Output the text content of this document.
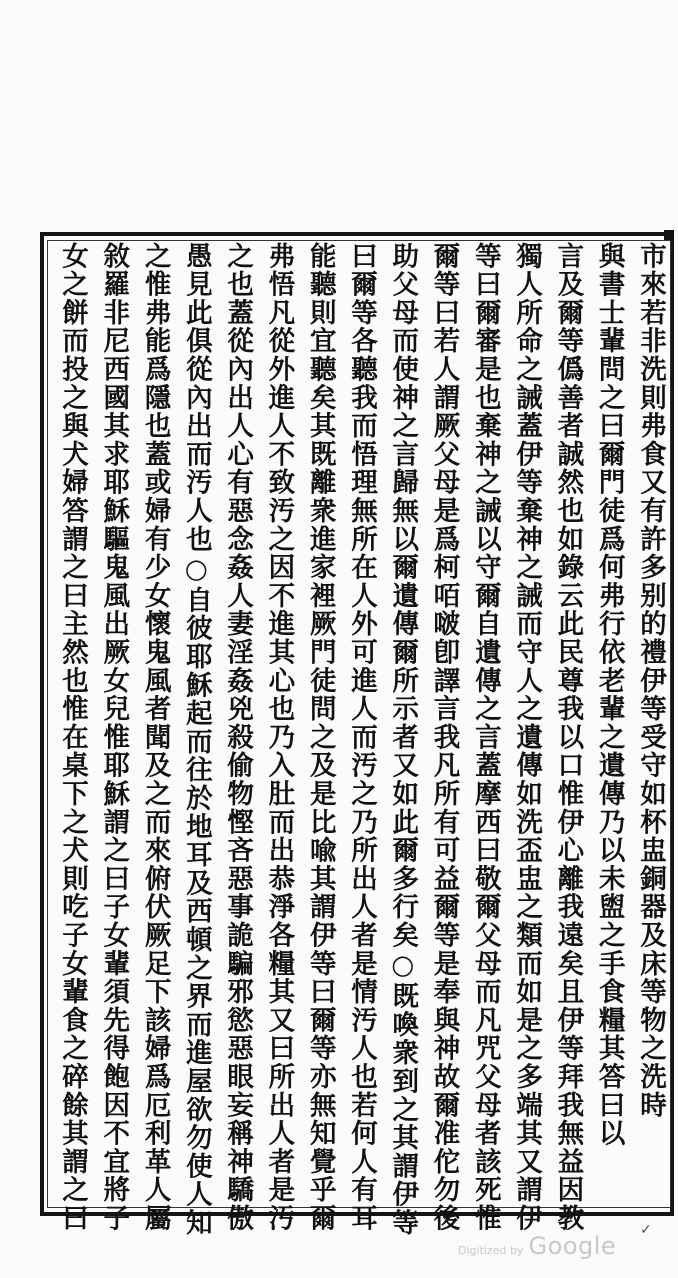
市來若非洗則弗食又有許多别的禮伊等受守如杯盅銅器及床等物之洗時
與書士輩問之曰爾門徒爲何弗行依老輩之遺傳乃以未盥之手食糧其答曰以
言及爾等僞善者誠然也如錄云此民尊我以口惟伊心離我遠矣且伊等拜我無益因教
獨人所命之誡蓋伊等棄神之誡而守人之遺傳如洗盃盅之類而如是之多端其又謂伊
等曰爾審是也棄神之誡以守爾自遺傳之言蓋摩西曰敬爾父母而凡咒父母者該死惟
爾等曰若人謂厥父母是爲柯咟啵卽譯言我凡所有可益爾等是奉與神故爾准佗勿後
助父母而使神之言歸無以爾遺傳爾所示者又如此爾多行矣○既喚衆到之其謂伊等
曰爾等各聽我而悟理無所在人外可進人而汚之乃所出人者是情汚人也若何人有耳
能聽則宜聽矣其既離衆進家裡厥門徒問之及是比喩其謂伊等曰爾等亦無知覺乎爾
弗悟凡從外進人不致汚之因不進其心也乃入肚而出恭淨各糧其又曰所出人者是汚
之也蓋從內出人心有惡念姦人妻淫姦兇殺偷物慳吝惡事詭騙邪慾惡眼妄稱神驕傲
愚見此俱從內出而汚人也○自彼耶穌起而往於地耳及西頓之界而進屋欲勿使人知
之惟弗能爲隱也蓋或婦有少女懷鬼風者聞及之而來俯伏厥足下該婦爲厄利革人屬
敘羅非尼西國其求耶穌驅鬼風出厥女兒惟耶穌謂之曰子女輩須先得飽因不宜將子
女之餅而投之與犬婦答謂之曰主然也惟在桌下之犬則吃子女輩食之碎餘其謂之曰	✓
Digitized by Google
